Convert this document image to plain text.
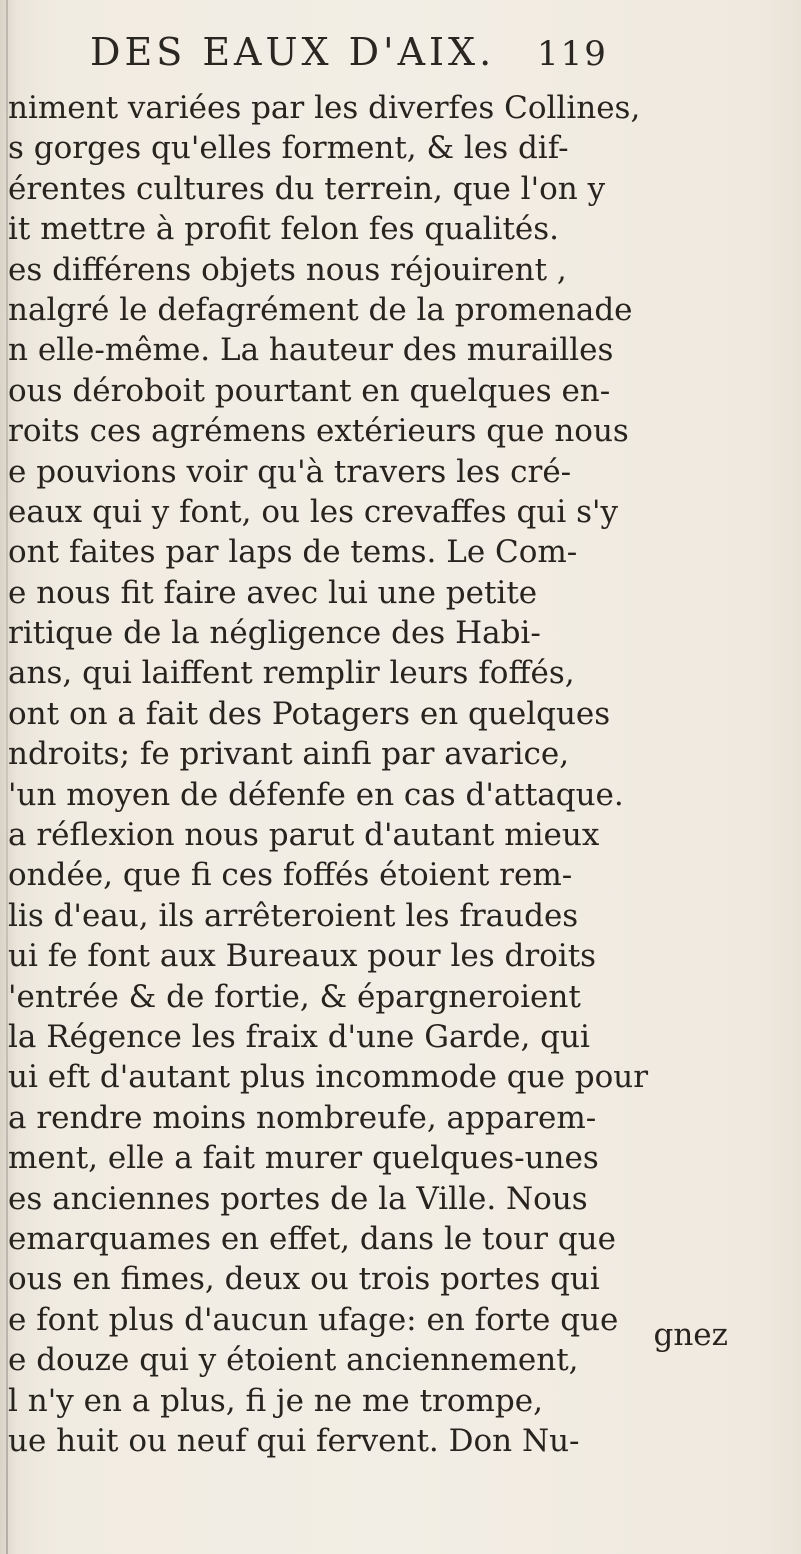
DES EAUX D'AIX. 119
niment variées par les diverfes Collines,
s gorges qu'elles forment, & les dif-
érentes cultures du terrein, que l'on y
it mettre à profit felon fes qualités.
es différens objets nous réjouirent ,
nalgré le defagrément de la promenade
n elle-même. La hauteur des murailles
ous déroboit pourtant en quelques en-
roits ces agrémens extérieurs que nous
e pouvions voir qu'à travers les cré-
eaux qui y font, ou les crevaffes qui s'y
ont faites par laps de tems. Le Com-
e nous fit faire avec lui une petite
ritique de la négligence des Habi-
ans, qui laiffent remplir leurs foffés,
ont on a fait des Potagers en quelques
ndroits; fe privant ainfi par avarice,
'un moyen de défenfe en cas d'attaque.
a réflexion nous parut d'autant mieux
ondée, que fi ces foffés étoient rem-
lis d'eau, ils arrêteroient les fraudes
ui fe font aux Bureaux pour les droits
'entrée & de fortie, & épargneroient
la Régence les fraix d'une Garde, qui
ui eft d'autant plus incommode que pour
a rendre moins nombreufe, apparem-
ment, elle a fait murer quelques-unes
es anciennes portes de la Ville. Nous
emarquames en effet, dans le tour que
ous en fimes, deux ou trois portes qui
e font plus d'aucun ufage: en forte que
e douze qui y étoient anciennement,
l n'y en a plus, fi je ne me trompe,
ue huit ou neuf qui fervent. Don Nu-
gnez
